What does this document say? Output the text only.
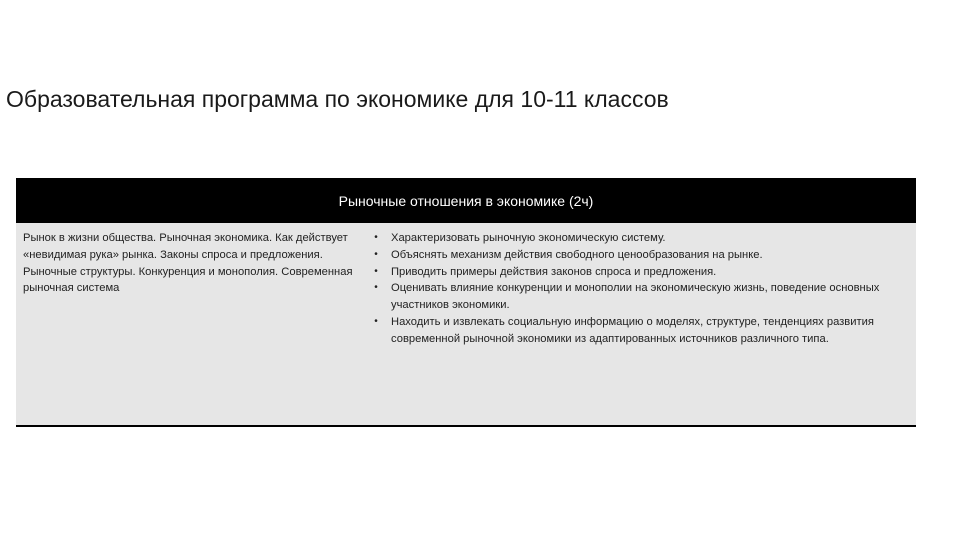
Образовательная программа по экономике для 10-11 классов
Рыночные отношения в экономике (2ч)
Рынок в жизни общества. Рыночная экономика. Как действует «невидимая рука» рынка. Законы спроса и предложения. Рыночные структуры. Конкуренция и монополия. Современная рыночная система
•	Характеризовать рыночную экономическую систему.
•	Объяснять механизм действия свободного ценообразования на рынке.
•	Приводить примеры действия законов спроса и предложения.
•	Оценивать влияние конкуренции и монополии на экономическую жизнь, поведение основных участников экономики.
•	Находить и извлекать социальную информацию о моделях, структуре, тенденциях развития современной рыночной экономики из адаптированных источников различного типа.
